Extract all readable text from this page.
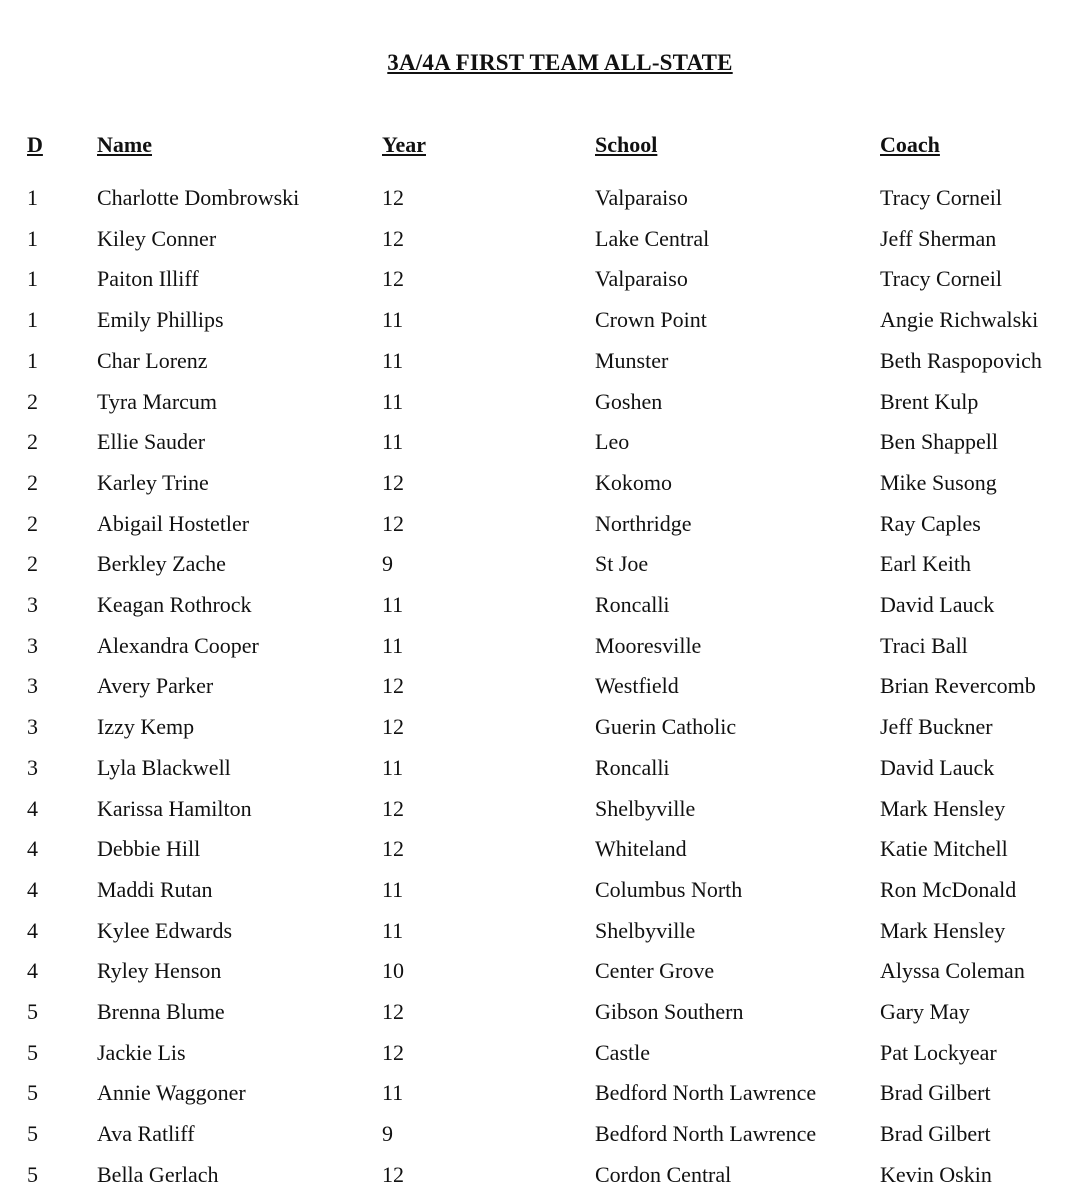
3A/4A FIRST TEAM ALL-STATE
D Name	Year	School	Coach
1	Charlotte Dombrowski	12	Valparaiso	Tracy Corneil
1	Kiley Conner	12	Lake Central	Jeff Sherman
1	Paiton Illiff	12	Valparaiso	Tracy Corneil
1	Emily Phillips	11	Crown Point	Angie Richwalski
1	Char Lorenz	11	Munster	Beth Raspopovich
2	Tyra Marcum	11	Goshen	Brent Kulp
2	Ellie Sauder	11	Leo	Ben Shappell
2	Karley Trine	12	Kokomo	Mike Susong
2	Abigail Hostetler	12	Northridge	Ray Caples
2	Berkley Zache	9	St Joe	Earl Keith
3	Keagan Rothrock	11	Roncalli	David Lauck
3	Alexandra Cooper	11	Mooresville	Traci Ball
3	Avery Parker	12	Westfield	Brian Revercomb
3	Izzy Kemp	12	Guerin Catholic	Jeff Buckner
3	Lyla Blackwell	11	Roncalli	David Lauck
4	Karissa Hamilton	12	Shelbyville	Mark Hensley
4	Debbie Hill	12	Whiteland	Katie Mitchell
4	Maddi Rutan	11	Columbus North	Ron McDonald
4	Kylee Edwards	11	Shelbyville	Mark Hensley
4	Ryley Henson	10	Center Grove	Alyssa Coleman
5	Brenna Blume	12	Gibson Southern	Gary May
5	Jackie Lis	12	Castle	Pat Lockyear
5	Annie Waggoner	11	Bedford North Lawrence	Brad Gilbert
5	Ava Ratliff	9	Bedford North Lawrence	Brad Gilbert
5	Bella Gerlach	12	Cordon Central	Kevin Oskin
